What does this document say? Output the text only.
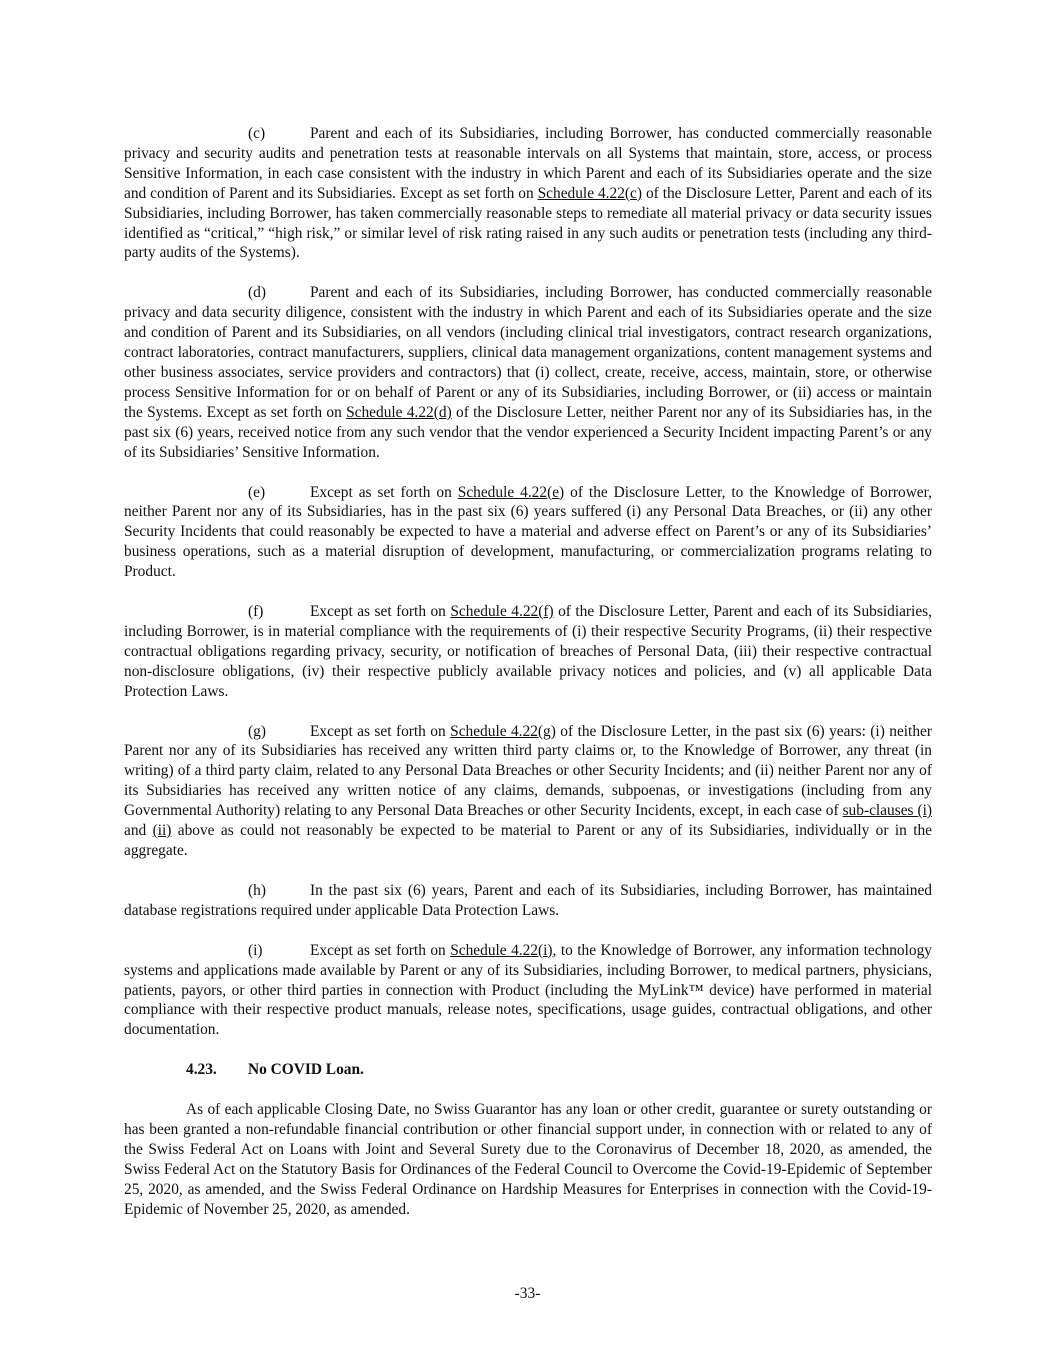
(c)	Parent and each of its Subsidiaries, including Borrower, has conducted commercially reasonable privacy and security audits and penetration tests at reasonable intervals on all Systems that maintain, store, access, or process Sensitive Information, in each case consistent with the industry in which Parent and each of its Subsidiaries operate and the size and condition of Parent and its Subsidiaries. Except as set forth on Schedule 4.22(c) of the Disclosure Letter, Parent and each of its Subsidiaries, including Borrower, has taken commercially reasonable steps to remediate all material privacy or data security issues identified as “critical,” “high risk,” or similar level of risk rating raised in any such audits or penetration tests (including any third-party audits of the Systems).

(d)	Parent and each of its Subsidiaries, including Borrower, has conducted commercially reasonable privacy and data security diligence, consistent with the industry in which Parent and each of its Subsidiaries operate and the size and condition of Parent and its Subsidiaries, on all vendors (including clinical trial investigators, contract research organizations, contract laboratories, contract manufacturers, suppliers, clinical data management organizations, content management systems and other business associates, service providers and contractors) that (i) collect, create, receive, access, maintain, store, or otherwise process Sensitive Information for or on behalf of Parent or any of its Subsidiaries, including Borrower, or (ii) access or maintain the Systems. Except as set forth on Schedule 4.22(d) of the Disclosure Letter, neither Parent nor any of its Subsidiaries has, in the past six (6) years, received notice from any such vendor that the vendor experienced a Security Incident impacting Parent’s or any of its Subsidiaries’ Sensitive Information.

(e)	Except as set forth on Schedule 4.22(e) of the Disclosure Letter, to the Knowledge of Borrower, neither Parent nor any of its Subsidiaries, has in the past six (6) years suffered (i) any Personal Data Breaches, or (ii) any other Security Incidents that could reasonably be expected to have a material and adverse effect on Parent’s or any of its Subsidiaries’ business operations, such as a material disruption of development, manufacturing, or commercialization programs relating to Product.

(f)	Except as set forth on Schedule 4.22(f) of the Disclosure Letter, Parent and each of its Subsidiaries, including Borrower, is in material compliance with the requirements of (i) their respective Security Programs, (ii) their respective contractual obligations regarding privacy, security, or notification of breaches of Personal Data, (iii) their respective contractual non-disclosure obligations, (iv) their respective publicly available privacy notices and policies, and (v) all applicable Data Protection Laws.

(g)	Except as set forth on Schedule 4.22(g) of the Disclosure Letter, in the past six (6) years: (i) neither Parent nor any of its Subsidiaries has received any written third party claims or, to the Knowledge of Borrower, any threat (in writing) of a third party claim, related to any Personal Data Breaches or other Security Incidents; and (ii) neither Parent nor any of its Subsidiaries has received any written notice of any claims, demands, subpoenas, or investigations (including from any Governmental Authority) relating to any Personal Data Breaches or other Security Incidents, except, in each case of sub-clauses (i) and (ii) above as could not reasonably be expected to be material to Parent or any of its Subsidiaries, individually or in the aggregate.

(h)	In the past six (6) years, Parent and each of its Subsidiaries, including Borrower, has maintained database registrations required under applicable Data Protection Laws.

(i)	Except as set forth on Schedule 4.22(i), to the Knowledge of Borrower, any information technology systems and applications made available by Parent or any of its Subsidiaries, including Borrower, to medical partners, physicians, patients, payors, or other third parties in connection with Product (including the MyLink™ device) have performed in material compliance with their respective product manuals, release notes, specifications, usage guides, contractual obligations, and other documentation.

4.23. No COVID Loan.

As of each applicable Closing Date, no Swiss Guarantor has any loan or other credit, guarantee or surety outstanding or has been granted a non-refundable financial contribution or other financial support under, in connection with or related to any of the Swiss Federal Act on Loans with Joint and Several Surety due to the Coronavirus of December 18, 2020, as amended, the Swiss Federal Act on the Statutory Basis for Ordinances of the Federal Council to Overcome the Covid-19-Epidemic of September 25, 2020, as amended, and the Swiss Federal Ordinance on Hardship Measures for Enterprises in connection with the Covid-19-Epidemic of November 25, 2020, as amended.

-33-
